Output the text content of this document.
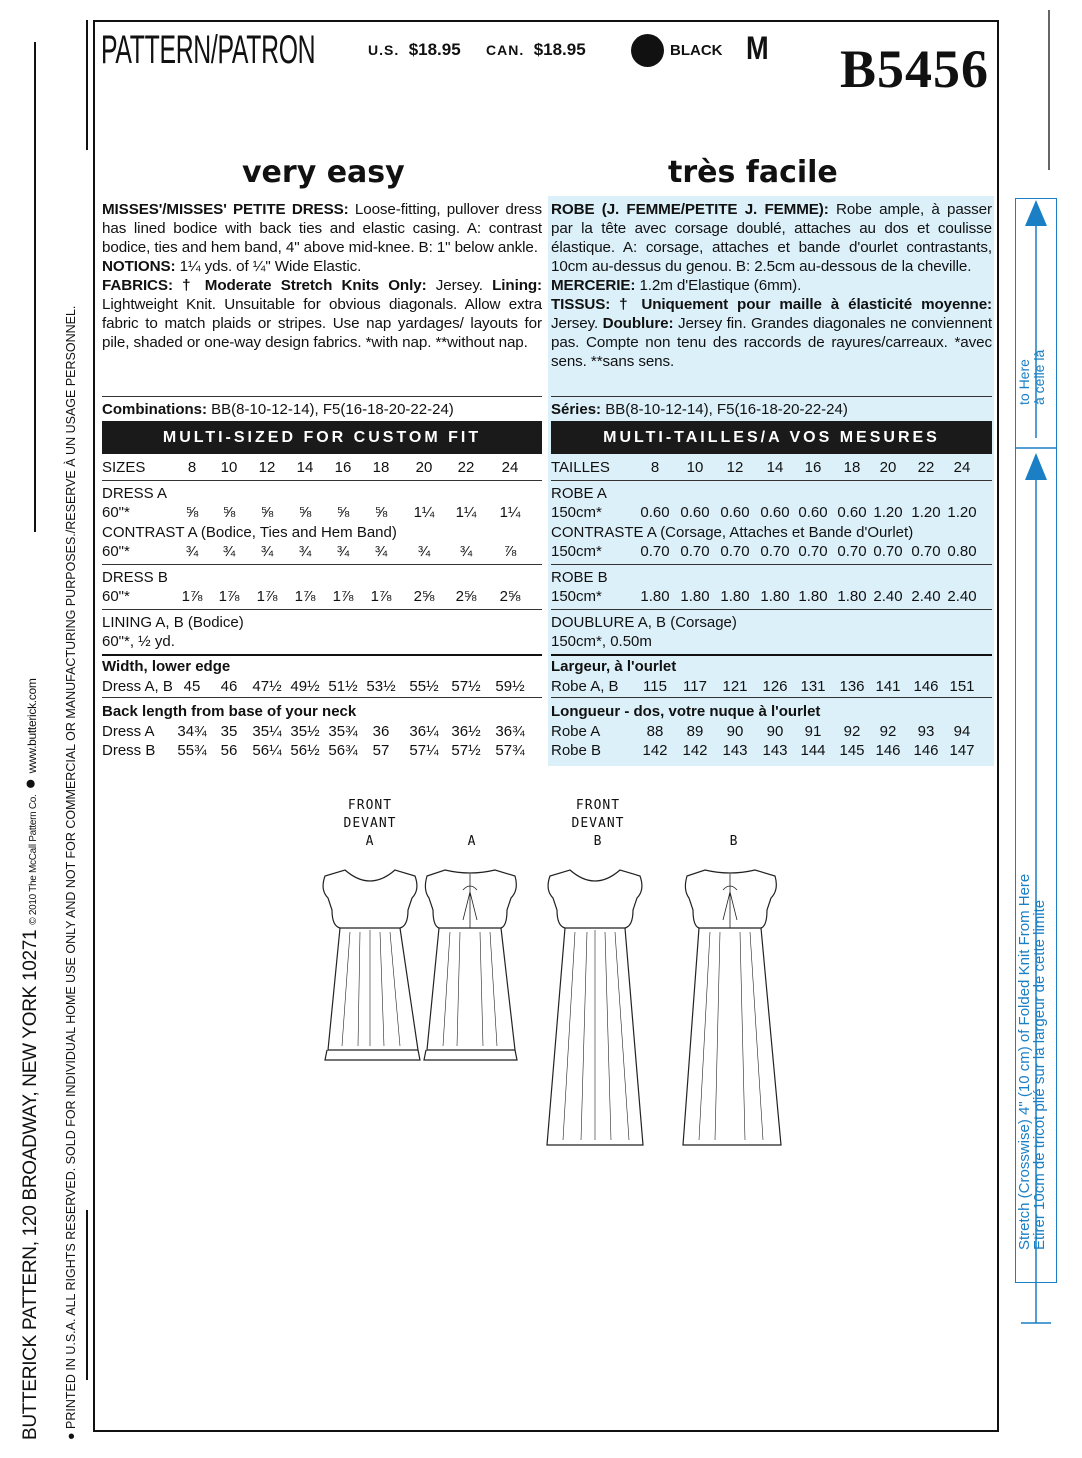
BUTTERICK PATTERN, 120 BROADWAY, NEW YORK 10271 © 2010 The McCall Pattern Co. ● www.butterick.com
● PRINTED IN U.S.A. ALL RIGHTS RESERVED. SOLD FOR INDIVIDUAL HOME USE ONLY AND NOT FOR COMMERCIAL OR MANUFACTURING PURPOSES./RESERVE À UN USAGE PERSONNEL.
PATTERN/PATRON	U.S. $18.95 CAN. $18.95	BLACK M B5456
very easy	très facile
MISSES'/MISSES' PETITE DRESS: Loose-fitting, pullover dress has lined bodice with back ties and elastic casing. A: contrast bodice, ties and hem band, 4" above mid-knee. B: 1" below ankle.
NOTIONS: 1¼ yds. of ¼" Wide Elastic.
FABRICS: † Moderate Stretch Knits Only: Jersey. Lining: Lightweight Knit. Unsuitable for obvious diagonals. Allow extra fabric to match plaids or stripes. Use nap yardages/ layouts for pile, shaded or one-way design fabrics. *with nap. **without nap.
ROBE (J. FEMME/PETITE J. FEMME): Robe ample, à passer par la tête avec corsage doublé, attaches au dos et coulisse élastique. A: corsage, attaches et bande d'ourlet contrastants, 10cm au-dessus du genou. B: 2.5cm au-dessous de la cheville.
MERCERIE: 1.2m d'Elastique (6mm).
TISSUS: † Uniquement pour maille à élasticité moyenne: Jersey. Doublure: Jersey fin. Grandes diagonales ne conviennent pas. Compte non tenu des raccords de rayures/carreaux. *avec sens. **sans sens.
Combinations: BB(8-10-12-14), F5(16-18-20-22-24)	Séries: BB(8-10-12-14), F5(16-18-20-22-24)
MULTI-SIZED FOR CUSTOM FIT	MULTI-TAILLES/A VOS MESURES
SIZES	8	10	12	14	16	18	20	22	24
DRESS A
60"*	⅝	⅝	⅝	⅝	⅝	⅝	1¼	1¼	1¼
CONTRAST A (Bodice, Ties and Hem Band)
60"*	¾	¾	¾	¾	¾	¾	¾	¾	⅞
DRESS B
60"*	1⅞	1⅞	1⅞	1⅞	1⅞	1⅞	2⅝	2⅝	2⅝
LINING A, B (Bodice)
60"*, ½ yd.
Width, lower edge
Dress A, B 45	46	47½ 49½ 51½ 53½ 55½ 57½ 59½
Back length from base of your neck
Dress A	34¾ 35	35¼ 35½ 35¾	36	36¼ 36½ 36¾
Dress B	55¾ 56	56¼ 56½ 56¾	57	57¼ 57½ 57¾
TAILLES	8	10	12	14	16	18	20	22	24
ROBE A
150cm*	0.60 0.60 0.60 0.60 0.60 0.60 1.20 1.20 1.20
CONTRASTE A (Corsage, Attaches et Bande d'Ourlet)
150cm*	0.70 0.70 0.70 0.70 0.70 0.70 0.70 0.70 0.80
ROBE B
150cm*	1.80 1.80 1.80 1.80 1.80 1.80 2.40 2.40 2.40
DOUBLURE A, B (Corsage)
150cm*, 0.50m
Largeur, à l'ourlet
Robe A, B	115	117	121 126 131 136 141 146 151
Longueur - dos, votre nuque à l'ourlet
Robe A	88	89	90	90	91	92	92	93	94
Robe B	142 142 143 143 144 145 146 146 147
FRONT
DEVANT
A	A
FRONT
DEVANT
B	B
to Here
à celle là
Stretch (Crosswise) 4" (10 cm) of Folded Knit From Here
Etirer 10cm de tricot plié sur la largeur de cette limite
